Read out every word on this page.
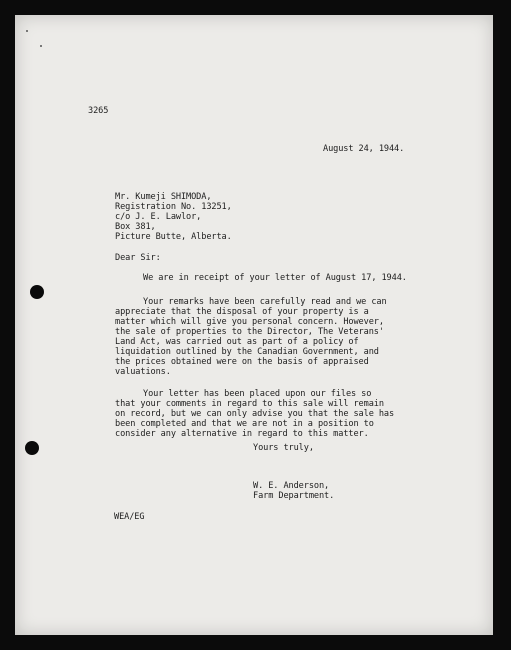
3265
August 24, 1944.
Mr. Kumeji SHIMODA,
Registration No. 13251,
c/o J. E. Lawlor,
Box 381,
Picture Butte, Alberta.
Dear Sir:
We are in receipt of your letter of August 17, 1944.
Your remarks have been carefully read and we can
appreciate that the disposal of your property is a
matter which will give you personal concern. However,
the sale of properties to the Director, The Veterans'
Land Act, was carried out as part of a policy of
liquidation outlined by the Canadian Government, and
the prices obtained were on the basis of appraised
valuations.
Your letter has been placed upon our files so
that your comments in regard to this sale will remain
on record, but we can only advise you that the sale has
been completed and that we are not in a position to
consider any alternative in regard to this matter.
Yours truly,
W. E. Anderson,
Farm Department.
WEA/EG
